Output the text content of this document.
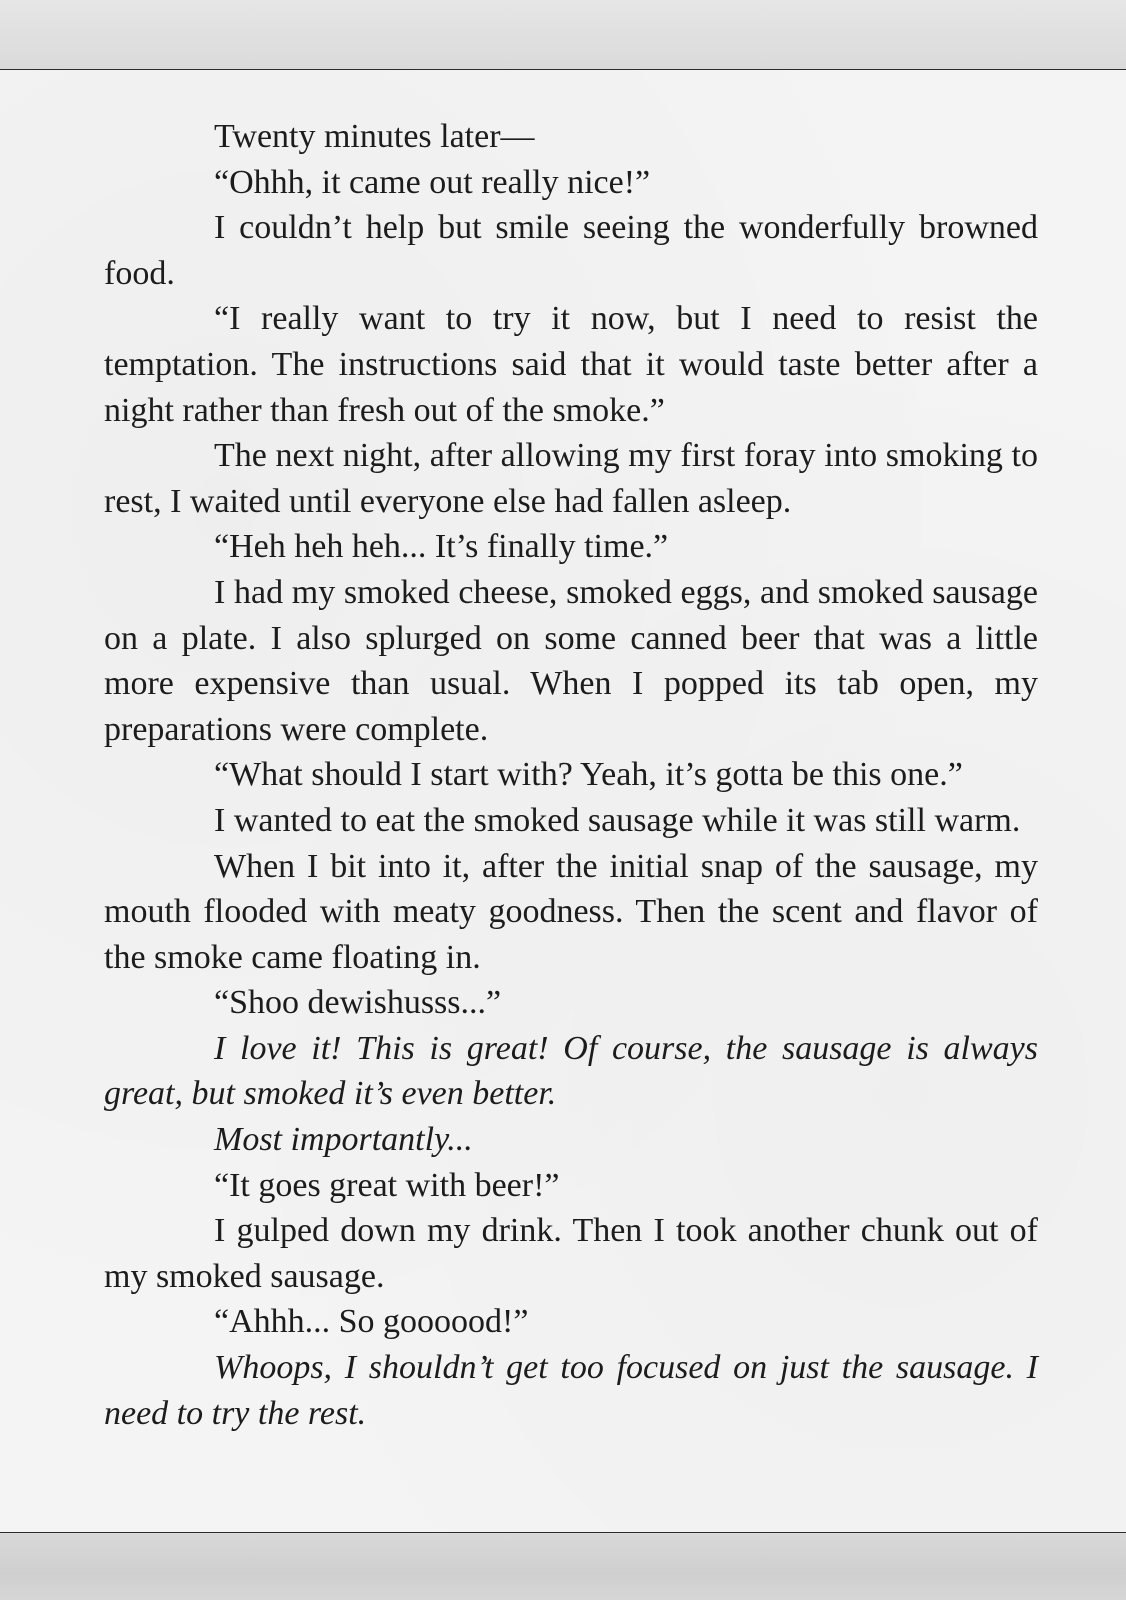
Twenty minutes later—

“Ohhh, it came out really nice!”

I couldn’t help but smile seeing the wonderfully browned food.

“I really want to try it now, but I need to resist the temptation. The instructions said that it would taste better after a night rather than fresh out of the smoke.”

The next night, after allowing my first foray into smoking to rest, I waited until everyone else had fallen asleep.

“Heh heh heh... It’s finally time.”

I had my smoked cheese, smoked eggs, and smoked sausage on a plate. I also splurged on some canned beer that was a little more expensive than usual. When I popped its tab open, my preparations were complete.

“What should I start with? Yeah, it’s gotta be this one.”

I wanted to eat the smoked sausage while it was still warm.

When I bit into it, after the initial snap of the sausage, my mouth flooded with meaty goodness. Then the scent and flavor of the smoke came floating in.

“Shoo dewishusss...”

I love it! This is great! Of course, the sausage is always great, but smoked it’s even better.

Most importantly...

“It goes great with beer!”

I gulped down my drink. Then I took another chunk out of my smoked sausage.

“Ahhh... So goooood!”

Whoops, I shouldn’t get too focused on just the sausage. I need to try the rest.
